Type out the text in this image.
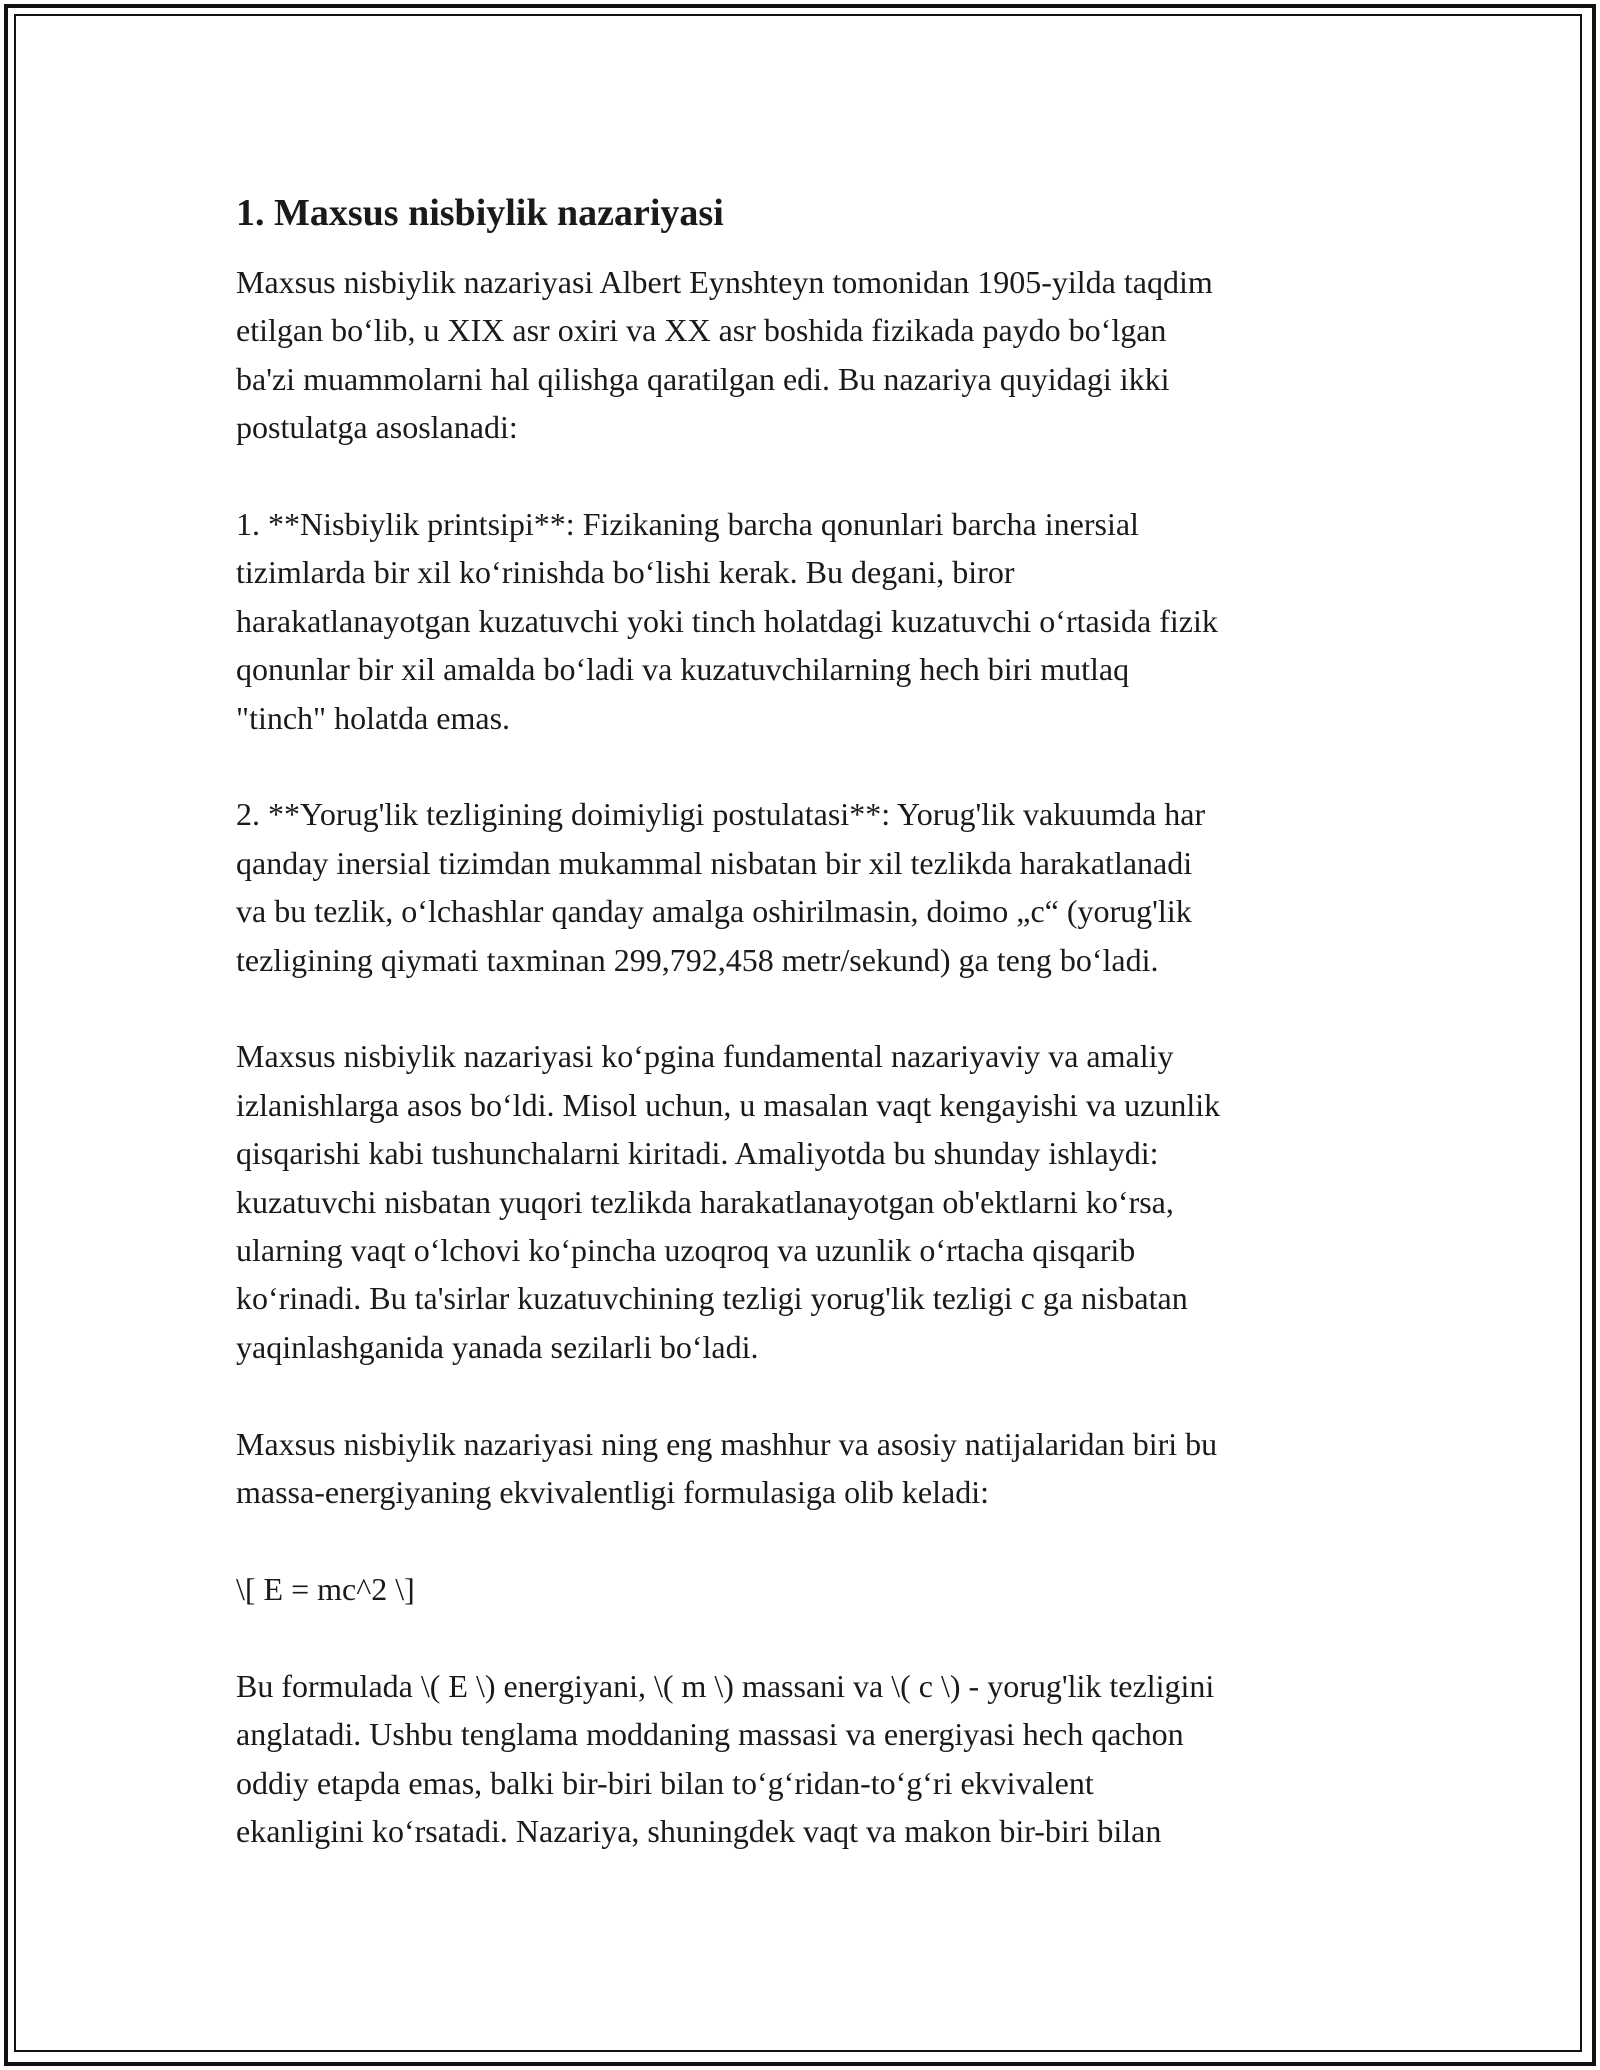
1. Maxsus nisbiylik nazariyasi
Maxsus nisbiylik nazariyasi Albert Eynshteyn tomonidan 1905-yilda taqdim
etilgan bo‘lib, u XIX asr oxiri va XX asr boshida fizikada paydo bo‘lgan
ba'zi muammolarni hal qilishga qaratilgan edi. Bu nazariya quyidagi ikki
postulatga asoslanadi:
1. **Nisbiylik printsipi**: Fizikaning barcha qonunlari barcha inersial
tizimlarda bir xil ko‘rinishda bo‘lishi kerak. Bu degani, biror
harakatlanayotgan kuzatuvchi yoki tinch holatdagi kuzatuvchi o‘rtasida fizik
qonunlar bir xil amalda bo‘ladi va kuzatuvchilarning hech biri mutlaq
"tinch" holatda emas.
2. **Yorug'lik tezligining doimiyligi postulatasi**: Yorug'lik vakuumda har
qanday inersial tizimdan mukammal nisbatan bir xil tezlikda harakatlanadi
va bu tezlik, o‘lchashlar qanday amalga oshirilmasin, doimo „c“ (yorug'lik
tezligining qiymati taxminan 299,792,458 metr/sekund) ga teng bo‘ladi.
Maxsus nisbiylik nazariyasi ko‘pgina fundamental nazariyaviy va amaliy
izlanishlarga asos bo‘ldi. Misol uchun, u masalan vaqt kengayishi va uzunlik
qisqarishi kabi tushunchalarni kiritadi. Amaliyotda bu shunday ishlaydi:
kuzatuvchi nisbatan yuqori tezlikda harakatlanayotgan ob'ektlarni ko‘rsa,
ularning vaqt o‘lchovi ko‘pincha uzoqroq va uzunlik o‘rtacha qisqarib
ko‘rinadi. Bu ta'sirlar kuzatuvchining tezligi yorug'lik tezligi c ga nisbatan
yaqinlashganida yanada sezilarli bo‘ladi.
Maxsus nisbiylik nazariyasi ning eng mashhur va asosiy natijalaridan biri bu
massa-energiyaning ekvivalentligi formulasiga olib keladi:
\[ E = mc^2 \]
Bu formulada \( E \) energiyani, \( m \) massani va \( c \) - yorug'lik tezligini
anglatadi. Ushbu tenglama moddaning massasi va energiyasi hech qachon
oddiy etapda emas, balki bir-biri bilan to‘g‘ridan-to‘g‘ri ekvivalent
ekanligini ko‘rsatadi. Nazariya, shuningdek vaqt va makon bir-biri bilan
